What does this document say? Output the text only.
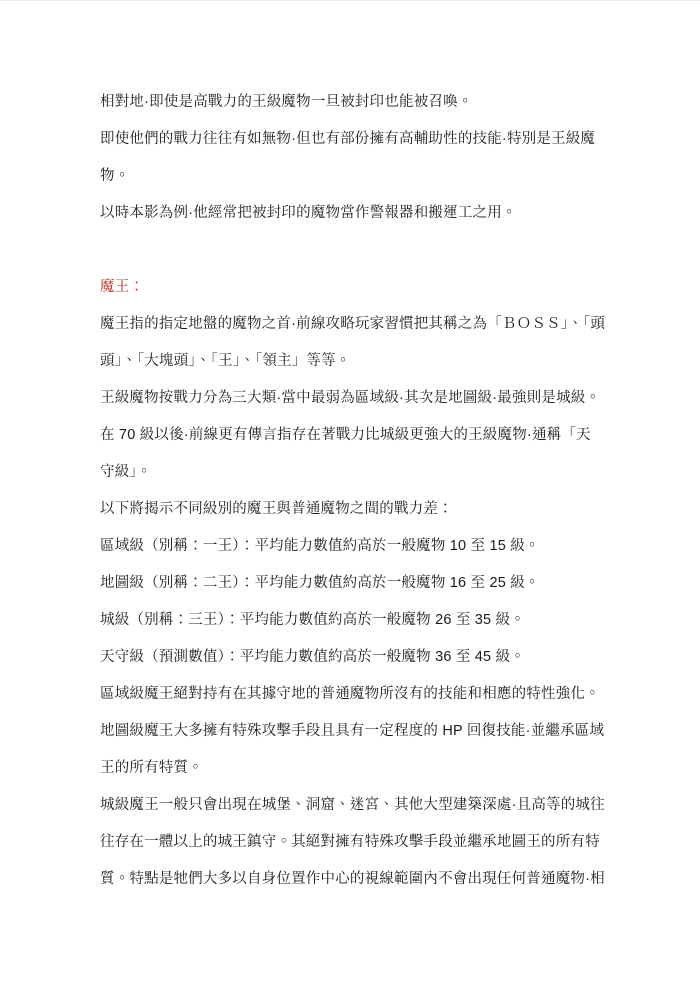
相對地·即使是高戰力的王級魔物一旦被封印也能被召喚。
即使他們的戰力往往有如無物·但也有部份擁有高輔助性的技能·特別是王級魔
物。
以時本影為例·他經常把被封印的魔物當作警報器和搬運工之用。
魔王：
魔王指的指定地盤的魔物之首·前線攻略玩家習慣把其稱之為「ＢＯＳＳ」、「頭
頭」、「大塊頭」、「王」、「領主」等等。
王級魔物按戰力分為三大類·當中最弱為區域級·其次是地圖級·最強則是城級。
在 70 級以後·前線更有傳言指存在著戰力比城級更強大的王級魔物·通稱「天
守級」。
以下將揭示不同級別的魔王與普通魔物之間的戰力差：
區域級（別稱：一王）：平均能力數值約高於一般魔物 10 至 15 級。
地圖級（別稱：二王）：平均能力數值約高於一般魔物 16 至 25 級。
城級（別稱：三王）：平均能力數值約高於一般魔物 26 至 35 級。
天守級（預測數值）：平均能力數值約高於一般魔物 36 至 45 級。
區域級魔王絕對持有在其據守地的普通魔物所沒有的技能和相應的特性強化。
地圖級魔王大多擁有特殊攻擊手段且具有一定程度的 HP 回復技能·並繼承區域
王的所有特質。
城級魔王一般只會出現在城堡、洞窟、迷宮、其他大型建築深處·且高等的城往
往存在一體以上的城王鎮守。其絕對擁有特殊攻擊手段並繼承地圖王的所有特
質。特點是牠們大多以自身位置作中心的視線範圍內不會出現任何普通魔物·相
